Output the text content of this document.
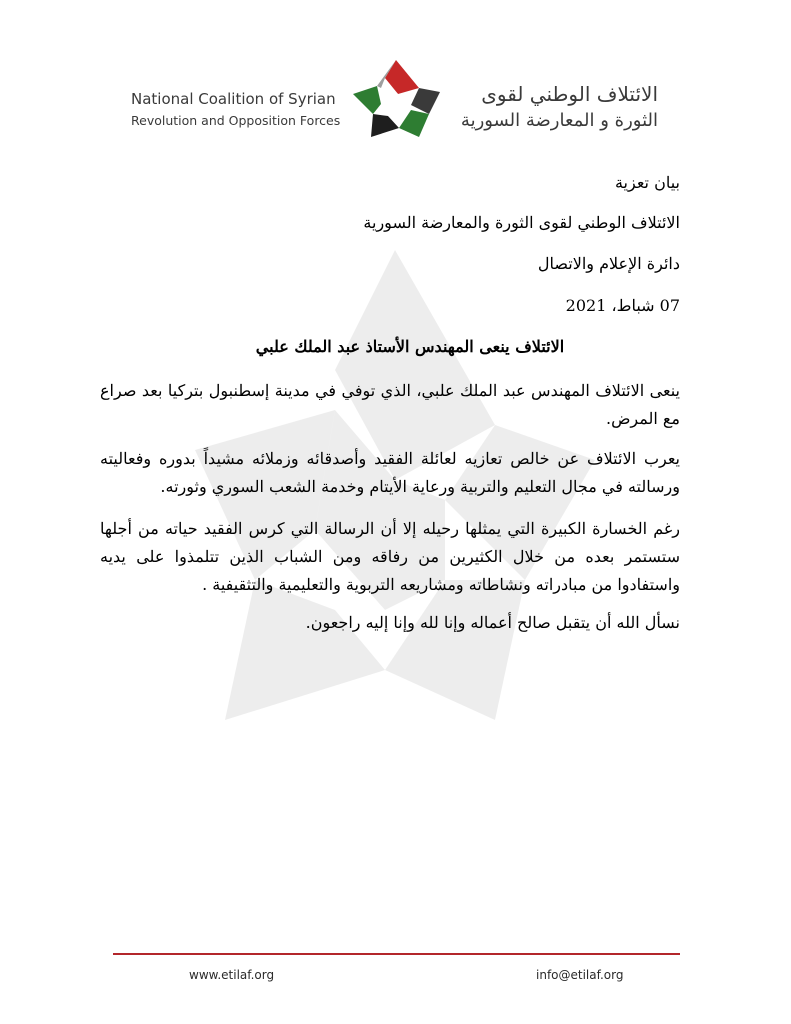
National Coalition of Syrian
Revolution and Opposition Forces
الائتلاف الوطني لقوى
الثورة و المعارضة السورية

بيان تعزية

الائتلاف الوطني لقوى الثورة والمعارضة السورية

دائرة الإعلام والاتصال

07 شباط، 2021

الائتلاف ينعى المهندس الأستاذ عبد الملك علبي

ينعى الائتلاف المهندس عبد الملك علبي، الذي توفي في مدينة إسطنبول بتركيا بعد صراع مع المرض.

يعرب الائتلاف عن خالص تعازيه لعائلة الفقيد وأصدقائه وزملائه مشيداً بدوره وفعاليته ورسالته في مجال التعليم والتربية ورعاية الأيتام وخدمة الشعب السوري وثورته.

رغم الخسارة الكبيرة التي يمثلها رحيله إلا أن الرسالة التي كرس الفقيد حياته من أجلها ستستمر بعده من خلال الكثيرين من رفاقه ومن الشباب الذين تتلمذوا على يديه واستفادوا من مبادراته ونشاطاته ومشاريعه التربوية والتعليمية والتثقيفية .

نسأل الله أن يتقبل صالح أعماله وإنا لله وإنا إليه راجعون.

www.etilaf.org	info@etilaf.org
